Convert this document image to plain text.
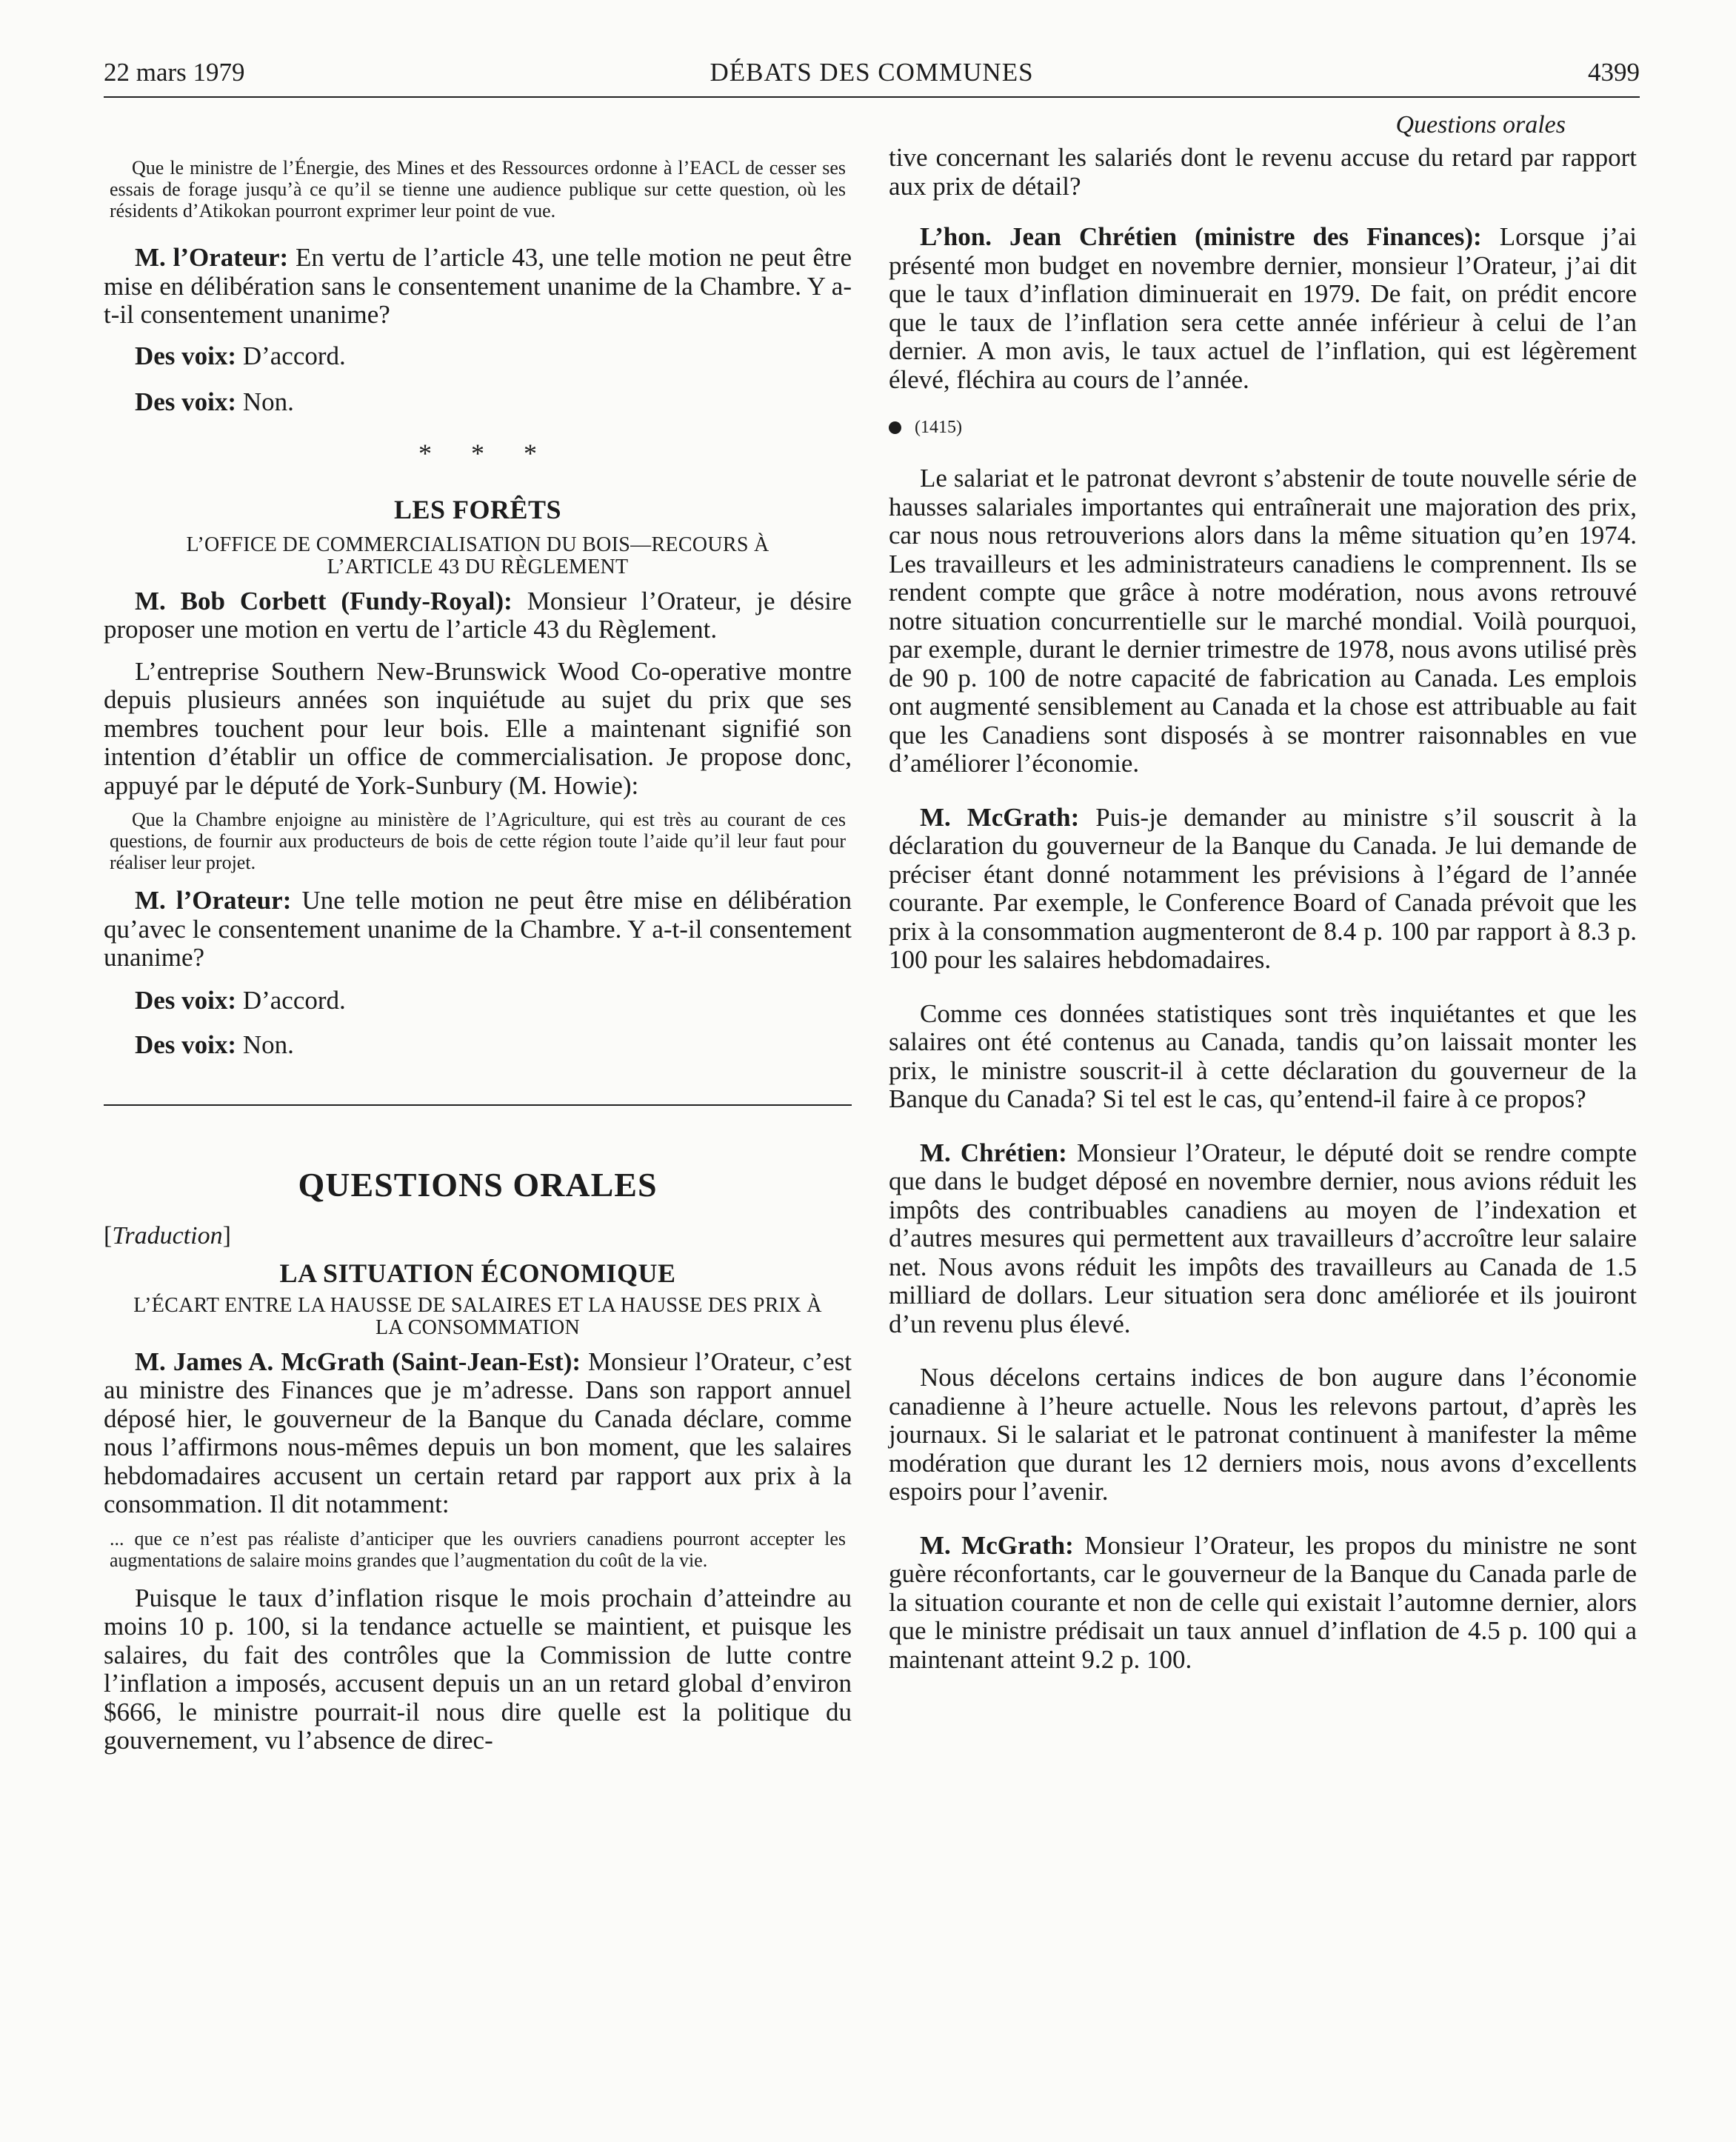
22 mars 1979	DÉBATS DES COMMUNES	4399

Que le ministre de l’Énergie, des Mines et des Ressources ordonne à l’EACL de cesser ses essais de forage jusqu’à ce qu’il se tienne une audience publique sur cette question, où les résidents d’Atikokan pourront exprimer leur point de vue.

M. l’Orateur: En vertu de l’article 43, une telle motion ne peut être mise en délibération sans le consentement unanime de la Chambre. Y a-t-il consentement unanime?

Des voix: D’accord.

Des voix: Non.

* * *
LES FORÊTS
L’OFFICE DE COMMERCIALISATION DU BOIS—RECOURS À L’ARTICLE 43 DU RÈGLEMENT

M. Bob Corbett (Fundy-Royal): Monsieur l’Orateur, je désire proposer une motion en vertu de l’article 43 du Règlement.

L’entreprise Southern New-Brunswick Wood Co-operative montre depuis plusieurs années son inquiétude au sujet du prix que ses membres touchent pour leur bois. Elle a maintenant signifié son intention d’établir un office de commercialisation. Je propose donc, appuyé par le député de York-Sunbury (M. Howie):

Que la Chambre enjoigne au ministère de l’Agriculture, qui est très au courant de ces questions, de fournir aux producteurs de bois de cette région toute l’aide qu’il leur faut pour réaliser leur projet.

M. l’Orateur: Une telle motion ne peut être mise en délibération qu’avec le consentement unanime de la Chambre. Y a-t-il consentement unanime?

Des voix: D’accord.

Des voix: Non.

QUESTIONS ORALES
[Traduction]
LA SITUATION ÉCONOMIQUE
L’ÉCART ENTRE LA HAUSSE DE SALAIRES ET LA HAUSSE DES PRIX À LA CONSOMMATION

M. James A. McGrath (Saint-Jean-Est): Monsieur l’Orateur, c’est au ministre des Finances que je m’adresse. Dans son rapport annuel déposé hier, le gouverneur de la Banque du Canada déclare, comme nous l’affirmons nous-mêmes depuis un bon moment, que les salaires hebdomadaires accusent un certain retard par rapport aux prix à la consommation. Il dit notamment:

... que ce n’est pas réaliste d’anticiper que les ouvriers canadiens pourront accepter les augmentations de salaire moins grandes que l’augmentation du coût de la vie.

Puisque le taux d’inflation risque le mois prochain d’atteindre au moins 10 p. 100, si la tendance actuelle se maintient, et puisque les salaires, du fait des contrôles que la Commission de lutte contre l’inflation a imposés, accusent depuis un an un retard global d’environ $666, le ministre pourrait-il nous dire quelle est la politique du gouvernement, vu l’absence de direc-

Questions orales

tive concernant les salariés dont le revenu accuse du retard par rapport aux prix de détail?

L’hon. Jean Chrétien (ministre des Finances): Lorsque j’ai présenté mon budget en novembre dernier, monsieur l’Orateur, j’ai dit que le taux d’inflation diminuerait en 1979. De fait, on prédit encore que le taux de l’inflation sera cette année inférieur à celui de l’an dernier. A mon avis, le taux actuel de l’inflation, qui est légèrement élevé, fléchira au cours de l’année.

(1415)

Le salariat et le patronat devront s’abstenir de toute nouvelle série de hausses salariales importantes qui entraînerait une majoration des prix, car nous nous retrouverions alors dans la même situation qu’en 1974. Les travailleurs et les administrateurs canadiens le comprennent. Ils se rendent compte que grâce à notre modération, nous avons retrouvé notre situation concurrentielle sur le marché mondial. Voilà pourquoi, par exemple, durant le dernier trimestre de 1978, nous avons utilisé près de 90 p. 100 de notre capacité de fabrication au Canada. Les emplois ont augmenté sensiblement au Canada et la chose est attribuable au fait que les Canadiens sont disposés à se montrer raisonnables en vue d’améliorer l’économie.

M. McGrath: Puis-je demander au ministre s’il souscrit à la déclaration du gouverneur de la Banque du Canada. Je lui demande de préciser étant donné notamment les prévisions à l’égard de l’année courante. Par exemple, le Conference Board of Canada prévoit que les prix à la consommation augmenteront de 8.4 p. 100 par rapport à 8.3 p. 100 pour les salaires hebdomadaires.

Comme ces données statistiques sont très inquiétantes et que les salaires ont été contenus au Canada, tandis qu’on laissait monter les prix, le ministre souscrit-il à cette déclaration du gouverneur de la Banque du Canada? Si tel est le cas, qu’entend-il faire à ce propos?

M. Chrétien: Monsieur l’Orateur, le député doit se rendre compte que dans le budget déposé en novembre dernier, nous avions réduit les impôts des contribuables canadiens au moyen de l’indexation et d’autres mesures qui permettent aux travailleurs d’accroître leur salaire net. Nous avons réduit les impôts des travailleurs au Canada de 1.5 milliard de dollars. Leur situation sera donc améliorée et ils jouiront d’un revenu plus élevé.

Nous décelons certains indices de bon augure dans l’économie canadienne à l’heure actuelle. Nous les relevons partout, d’après les journaux. Si le salariat et le patronat continuent à manifester la même modération que durant les 12 derniers mois, nous avons d’excellents espoirs pour l’avenir.

M. McGrath: Monsieur l’Orateur, les propos du ministre ne sont guère réconfortants, car le gouverneur de la Banque du Canada parle de la situation courante et non de celle qui existait l’automne dernier, alors que le ministre prédisait un taux annuel d’inflation de 4.5 p. 100 qui a maintenant atteint 9.2 p. 100.
